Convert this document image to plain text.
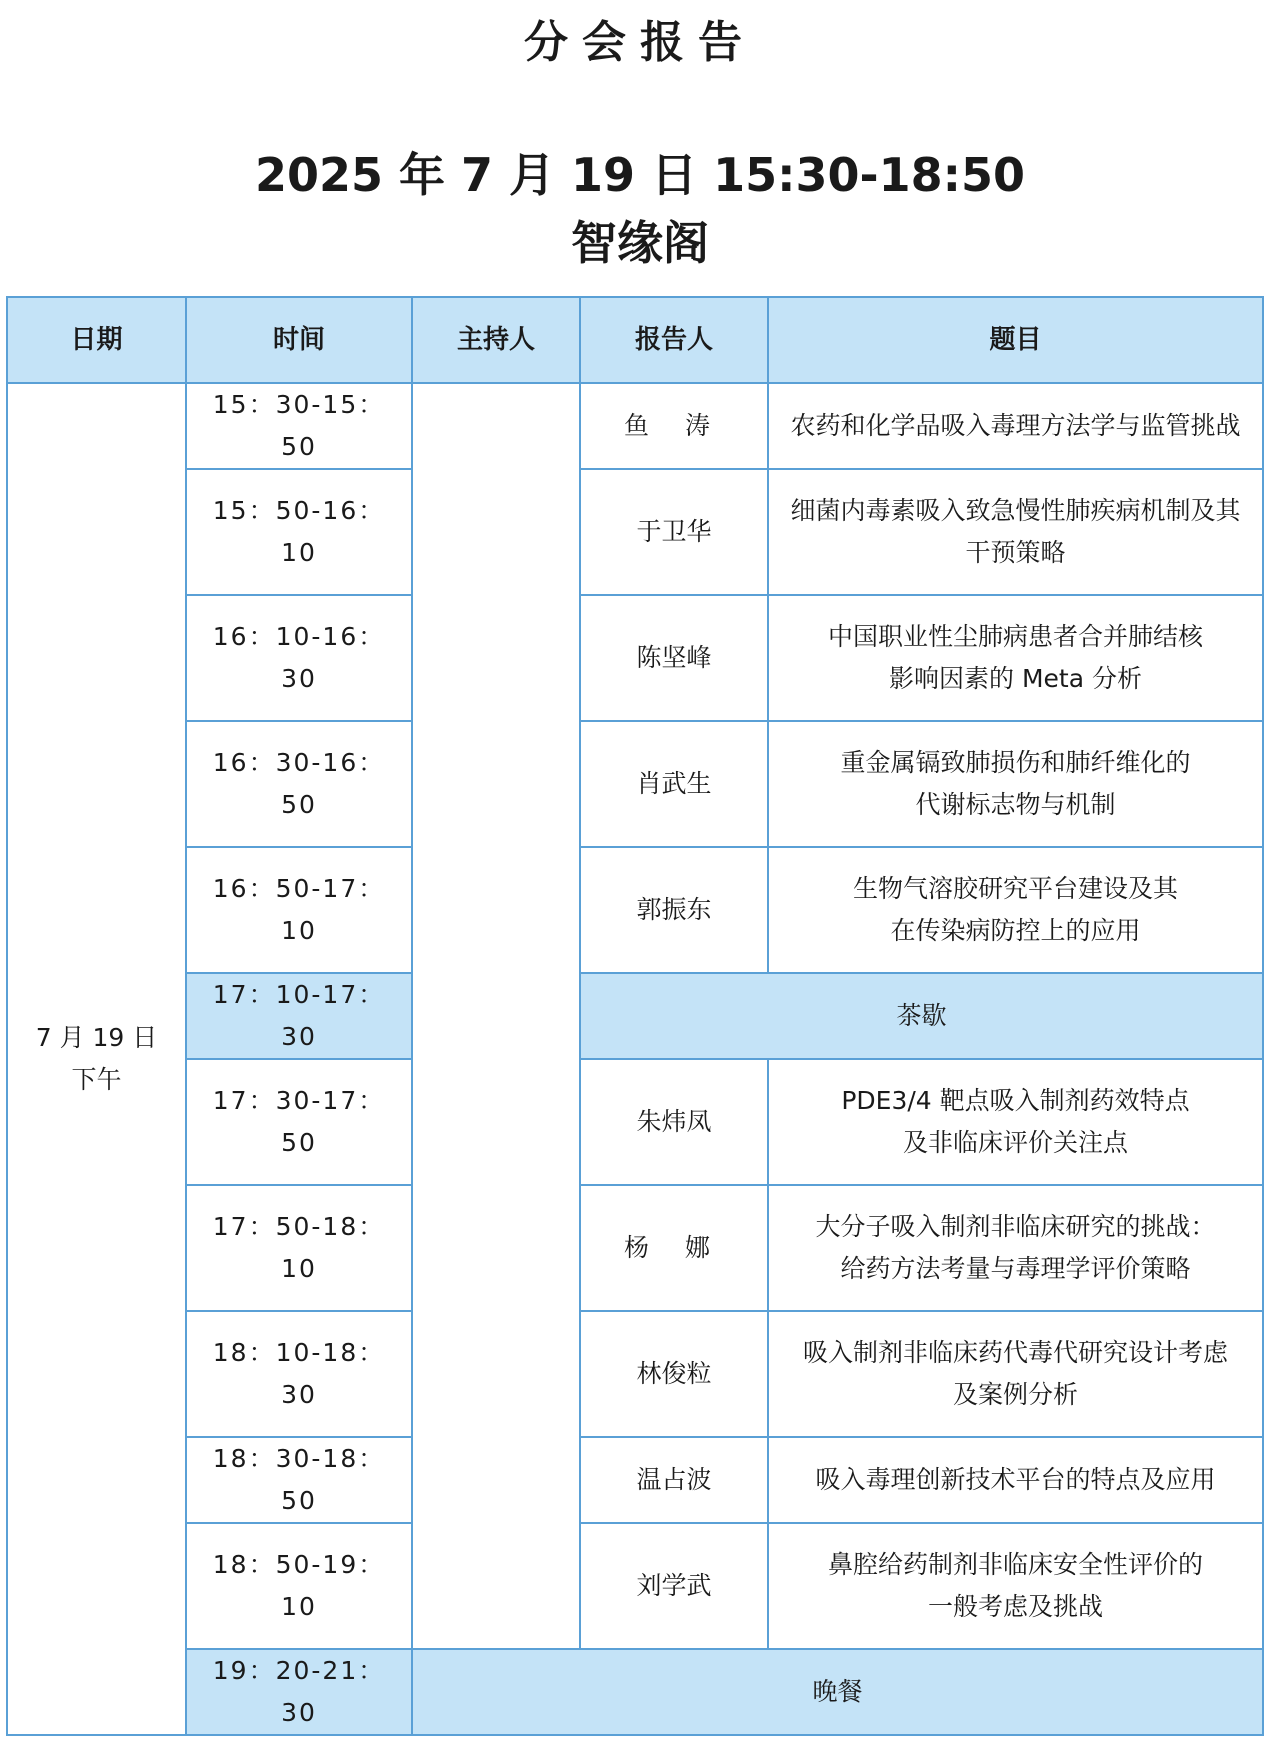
分会报告
2025 年 7 月 19 日 15:30-18:50
智缘阁
日期	时间	主持人	报告人	题目

7 月 19 日
下午	15：30-15：50		鱼 涛	农药和化学品吸入毒理方法学与监管挑战

	15：50-16：10		于卫华	细菌内毒素吸入致急慢性肺疾病机制及其
干预策略

	16：10-16：30		陈坚峰	中国职业性尘肺病患者合并肺结核
影响因素的 Meta 分析

	16：30-16：50		肖武生	重金属镉致肺损伤和肺纤维化的
代谢标志物与机制

	16：50-17：10		郭振东	生物气溶胶研究平台建设及其
在传染病防控上的应用

	17：10-17：30		茶歇	
	17：30-17：50		朱炜凤	PDE3/4 靶点吸入制剂药效特点
及非临床评价关注点

	17：50-18：10		杨 娜	大分子吸入制剂非临床研究的挑战：
给药方法考量与毒理学评价策略

	18：10-18：30		林俊粒	吸入制剂非临床药代毒代研究设计考虑
及案例分析

	18：30-18：50		温占波	吸入毒理创新技术平台的特点及应用

	18：50-19：10		刘学武	鼻腔给药制剂非临床安全性评价的
一般考虑及挑战

	19：20-21：30	晚餐		
